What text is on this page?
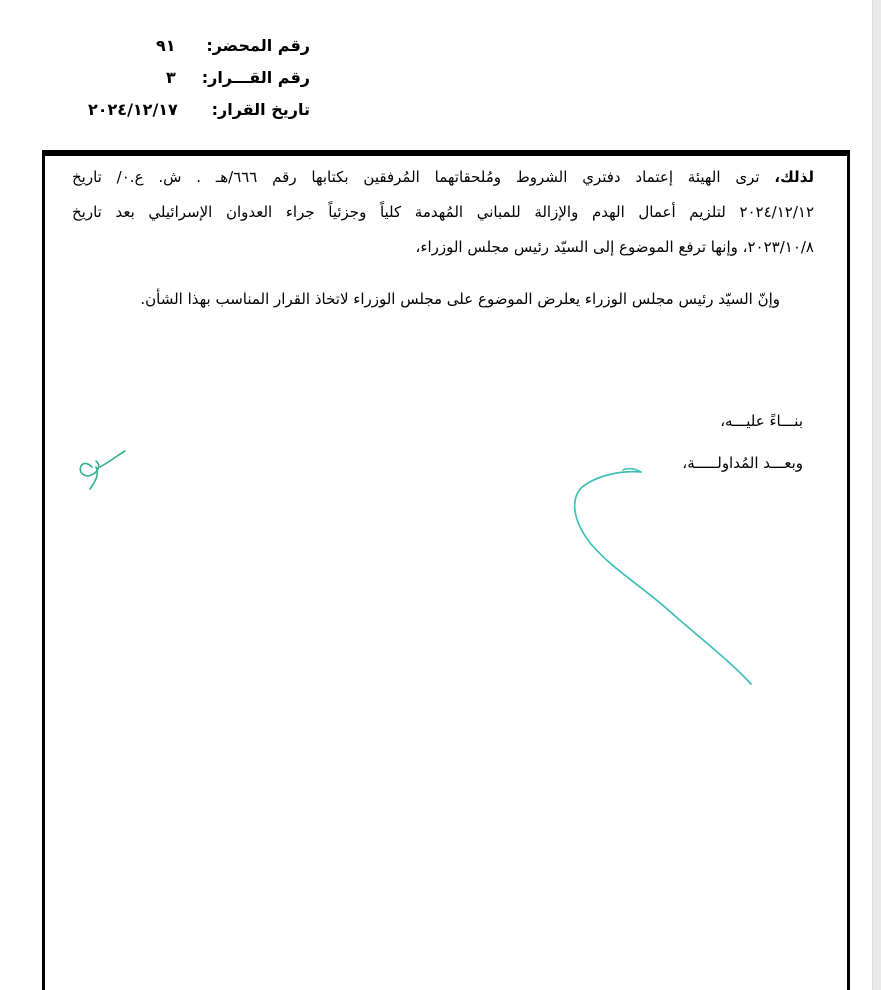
رقم المحضر:
٩١
رقم القـــرار:
٣
تاريخ القرار:
٢٠٢٤/١٢/١٧
لذلك، ترى الهيئة إعتماد دفتري الشروط ومُلحقاتهما المُرفقين بكتابها رقم ٦٦٦/هـ . ش. ع.٠/ تاريخ
٢٠٢٤/١٢/١٢ لتلزيم أعمال الهدم والإزالة للمباني المُهدمة كلياً وجزئياً جراء العدوان الإسرائيلي بعد تاريخ
٢٠٢٣/١٠/٨، وإنها ترفع الموضوع إلى السيّد رئيس مجلس الوزراء،
وإنّ السيّد رئيس مجلس الوزراء يعلرض الموضوع على مجلس الوزراء لاتخاذ القرار المناسب بهذا الشأن.
بنـــاءً عليـــه،
وبعـــد المُداولـــــة،
